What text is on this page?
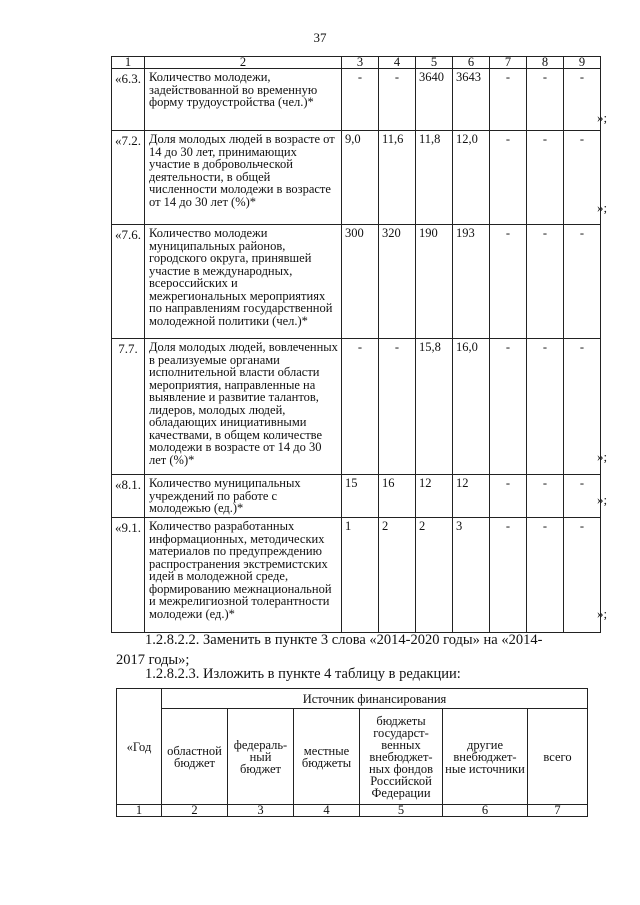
37
1	2	3	4	5	6	7	8	9
«6.3.	Количество молодежи, задействованной во временную форму трудоустройства (чел.)*	-	-	3640	3643	-	-	-
«7.2.	Доля молодых людей в возрасте от 14 до 30 лет, принимающих участие в добровольческой деятельности, в общей численности молодежи в возрасте от 14 до 30 лет (%)*	9,0	11,6	11,8	12,0	-	-	-
«7.6.	Количество молодежи муниципальных районов, городского округа, принявшей участие в международных, всероссийских и межрегиональных мероприятиях по направлениям государственной молодежной политики (чел.)*	300	320	190	193	-	-	-
7.7.	Доля молодых людей, вовлеченных в реализуемые органами исполнительной власти области мероприятия, направленные на выявление и развитие талантов, лидеров, молодых людей, обладающих инициативными качествами, в общем количестве молодежи в возрасте от 14 до 30 лет (%)*	-	-	15,8	16,0	-	-	-
«8.1.	Количество муниципальных учреждений по работе с молодежью (ед.)*	15	16	12	12	-	-	-
«9.1.	Количество разработанных информационных, методических материалов по предупреждению распространения экстремистских идей в молодежной среде, формированию межнациональной и межрелигиозной толерантности молодежи (ед.)*	1	2	2	3	-	-	-
»;
»;
»;
»;
»;
1.2.8.2.2. Заменить в пункте 3 слова «2014-2020 годы» на «2014-
2017 годы»;
1.2.8.2.3. Изложить в пункте 4 таблицу в редакции:
«Год	Источник финансирования					
	областной бюджет	федераль-ный бюджет	местные бюджеты	бюджеты государст-венных внебюджет-ных фондов Российской Федерации	другие внебюджет-ные источники	всего
1	2	3	4	5	6	7
